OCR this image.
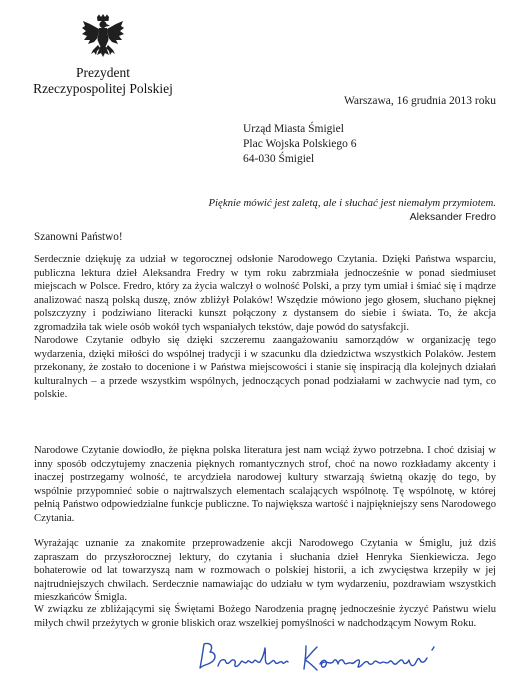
Prezydent
Rzeczypospolitej Polskiej
Warszawa, 16 grudnia 2013 roku
Urząd Miasta Śmigiel
Plac Wojska Polskiego 6
64-030 Śmigiel
Pięknie mówić jest zaletą, ale i słuchać jest niemałym przymiotem.
Aleksander Fredro
Szanowni Państwo!

Serdecznie dziękuję za udział w tegorocznej odsłonie Narodowego Czytania. Dzięki Państwa wsparciu, publiczna lektura dzieł Aleksandra Fredry w tym roku zabrzmiała jednocześnie w ponad siedmiuset miejscach w Polsce. Fredro, który za życia walczył o wolność Polski, a przy tym umiał i śmiać się i mądrze analizować naszą polską duszę, znów zbliżył Polaków! Wszędzie mówiono jego głosem, słuchano pięknej polszczyzny i podziwiano literacki kunszt połączony z dystansem do siebie i świata. To, że akcja zgromadziła tak wiele osób wokół tych wspaniałych tekstów, daje powód do satysfakcji.

Narodowe Czytanie odbyło się dzięki szczeremu zaangażowaniu samorządów w organizację tego wydarzenia, dzięki miłości do wspólnej tradycji i w szacunku dla dziedzictwa wszystkich Polaków. Jestem przekonany, że zostało to docenione i w Państwa miejscowości i stanie się inspiracją dla kolejnych działań kulturalnych – a przede wszystkim wspólnych, jednoczących ponad podziałami w zachwycie nad tym, co polskie.

Narodowe Czytanie dowiodło, że piękna polska literatura jest nam wciąż żywo potrzebna. I choć dzisiaj w inny sposób odczytujemy znaczenia pięknych romantycznych strof, choć na nowo rozkładamy akcenty i inaczej postrzegamy wolność, te arcydzieła narodowej kultury stwarzają świetną okazję do tego, by wspólnie przypomnieć sobie o najtrwalszych elementach scalających wspólnotę. Tę wspólnotę, w której pełnią Państwo odpowiedzialne funkcje publiczne. To największa wartość i najpiękniejszy sens Narodowego Czytania.

Wyrażając uznanie za znakomite przeprowadzenie akcji Narodowego Czytania w Śmiglu, już dziś zapraszam do przyszłorocznej lektury, do czytania i słuchania dzieł Henryka Sienkiewicza. Jego bohaterowie od lat towarzyszą nam w rozmowach o polskiej historii, a ich zwycięstwa krzepiły w jej najtrudniejszych chwilach. Serdecznie namawiając do udziału w tym wydarzeniu, pozdrawiam wszystkich mieszkańców Śmigla.

W związku ze zbliżającymi się Świętami Bożego Narodzenia pragnę jednocześnie życzyć Państwu wielu miłych chwil przeżytych w gronie bliskich oraz wszelkiej pomyślności w nadchodzącym Nowym Roku.
